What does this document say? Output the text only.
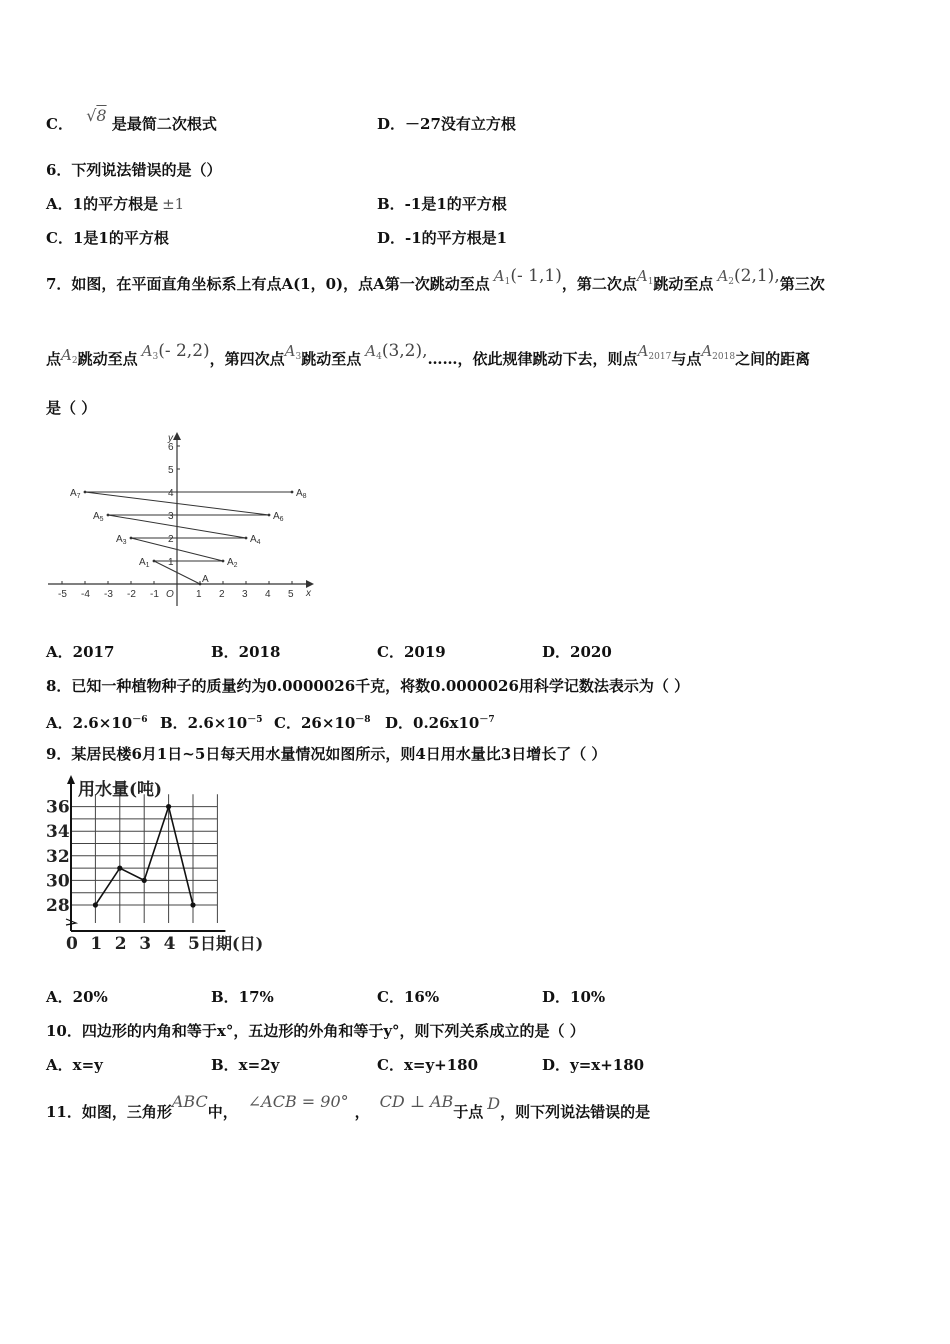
C． √8 是最简二次根式	D．－27没有立方根
6．下列说法错误的是（）
A．1的平方根是 ±1	B．-1是1的平方根
C．1是1的平方根	D．-1的平方根是1
7．如图，在平面直角坐标系上有点A(1，0)，点A第一次跳动至点 $A_1(-$ 1,1)，第二次点$A_1$跳动至点 $A_2(2,1)$,第三次
点$A_2$跳动至点 $A_3(-$ 2,2)，第四次点$A_3$跳动至点 $A_4(3,2),\dots\dots$，依此规律跳动下去，则点$A_{2017}$与点$A_{2018}$之间的距离
是（ ）
y
x
O
-5 -4 -3 -2 -1	1 2 3 4 5
1
2
3
4
5
6
A
$A_1$	$A_2$
$A_3$	$A_4$
$A_5$	$A_6$
$A_7$	$A_8$
A．2017	B．2018	C．2019	D．2020
8．已知一种植物种子的质量约为0.0000026千克，将数0.0000026用科学记数法表示为（ ）
A．$2.6\times 10^{-6}$ B．$2.6\times 10^{-5}$ C．$26\times 10^{-8}$ D．$0.26x10^{-7}$
9．某居民楼6月1日~5日每天用水量情况如图所示，则4日用水量比3日增长了（ ）
28
30
32
34
36
0 1 2 3 4 5
用水量(吨)
日期(日)
A．20%	B．17%	C．16%	D．10%
10．四边形的内角和等于x°，五边形的外角和等于y°，则下列关系成立的是（ ）
A．x=y	B．x=2y	C．x=y+180	D．y=x+180
11．如图，三角形ABC中，∠ACB = 90°，CD ⊥ AB于点 D，则下列说法错误的是
